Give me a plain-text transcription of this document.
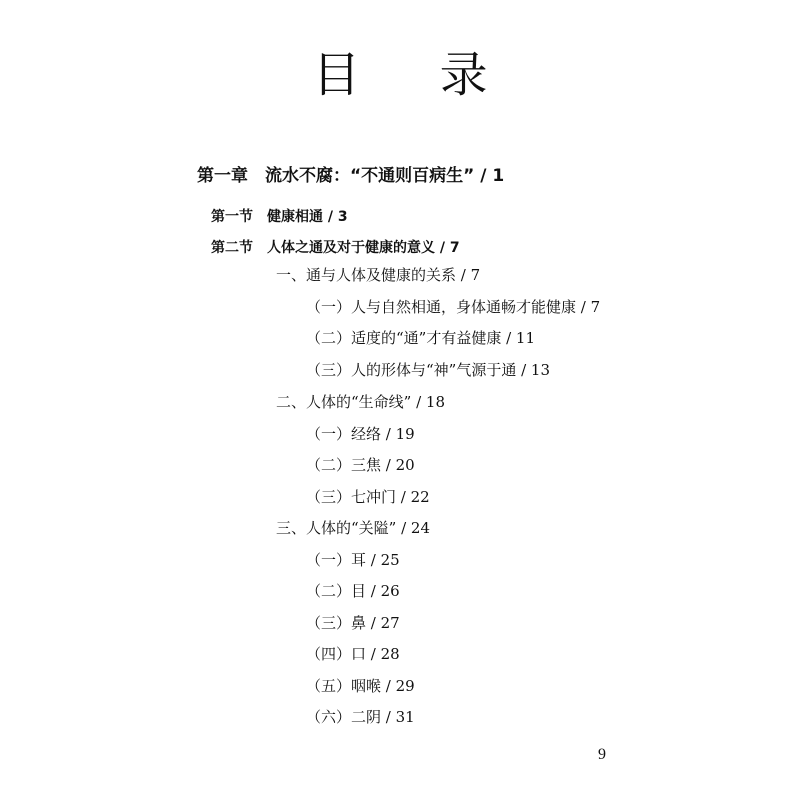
目 录
第一章　流水不腐：“不通则百病生” / 1
第一节　健康相通 / 3
第二节　人体之通及对于健康的意义 / 7
一、通与人体及健康的关系 / 7
（一）人与自然相通，身体通畅才能健康 / 7
（二）适度的“通”才有益健康 / 11
（三）人的形体与“神”气源于通 / 13
二、人体的“生命线” / 18
（一）经络 / 19
（二）三焦 / 20
（三）七冲门 / 22
三、人体的“关隘” / 24
（一）耳 / 25
（二）目 / 26
（三）鼻 / 27
（四）口 / 28
（五）咽喉 / 29
（六）二阴 / 31
9
